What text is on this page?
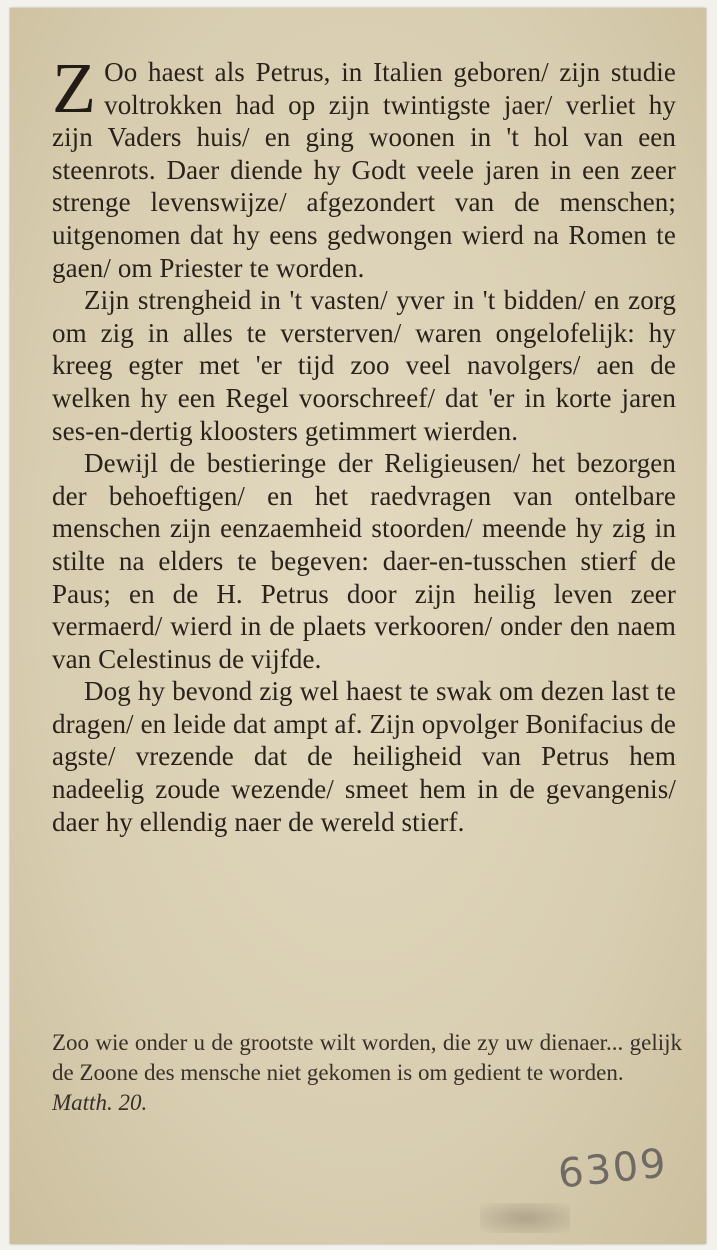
Z Oo haest als Petrus, in Italien geboren/ zijn studie voltrokken had op zijn twintigste jaer/ verliet hy zijn Vaders huis/ en ging woonen in 't hol van een steenrots. Daer diende hy Godt veele jaren in een zeer strenge levenswijze/ afgezondert van de menschen; uitgenomen dat hy eens gedwongen wierd na Romen te gaen/ om Priester te worden.

Zijn strengheid in 't vasten/ yver in 't bidden/ en zorg om zig in alles te versterven/ waren ongelofelijk: hy kreeg egter met 'er tijd zoo veel navolgers/ aen de welken hy een Regel voorschreef/ dat 'er in korte jaren ses-en-dertig kloosters getimmert wierden.

Dewijl de bestieringe der Religieusen/ het bezorgen der behoeftigen/ en het raedvragen van ontelbare menschen zijn eenzaemheid stoorden/ meende hy zig in stilte na elders te begeven: daer-en-tusschen stierf de Paus; en de H. Petrus door zijn heilig leven zeer vermaerd/ wierd in de plaets verkooren/ onder den naem van Celestinus de vijfde.

Dog hy bevond zig wel haest te swak om dezen last te dragen/ en leide dat ampt af. Zijn opvolger Bonifacius de agste/ vrezende dat de heiligheid van Petrus hem nadeelig zoude wezende/ smeet hem in de gevangenis/ daer hy ellendig naer de wereld stierf.

Zoo wie onder u de grootste wilt worden, die zy uw dienaer... gelijk de Zoone des mensche niet gekomen is om gedient te worden.
Matth. 20.
6309
